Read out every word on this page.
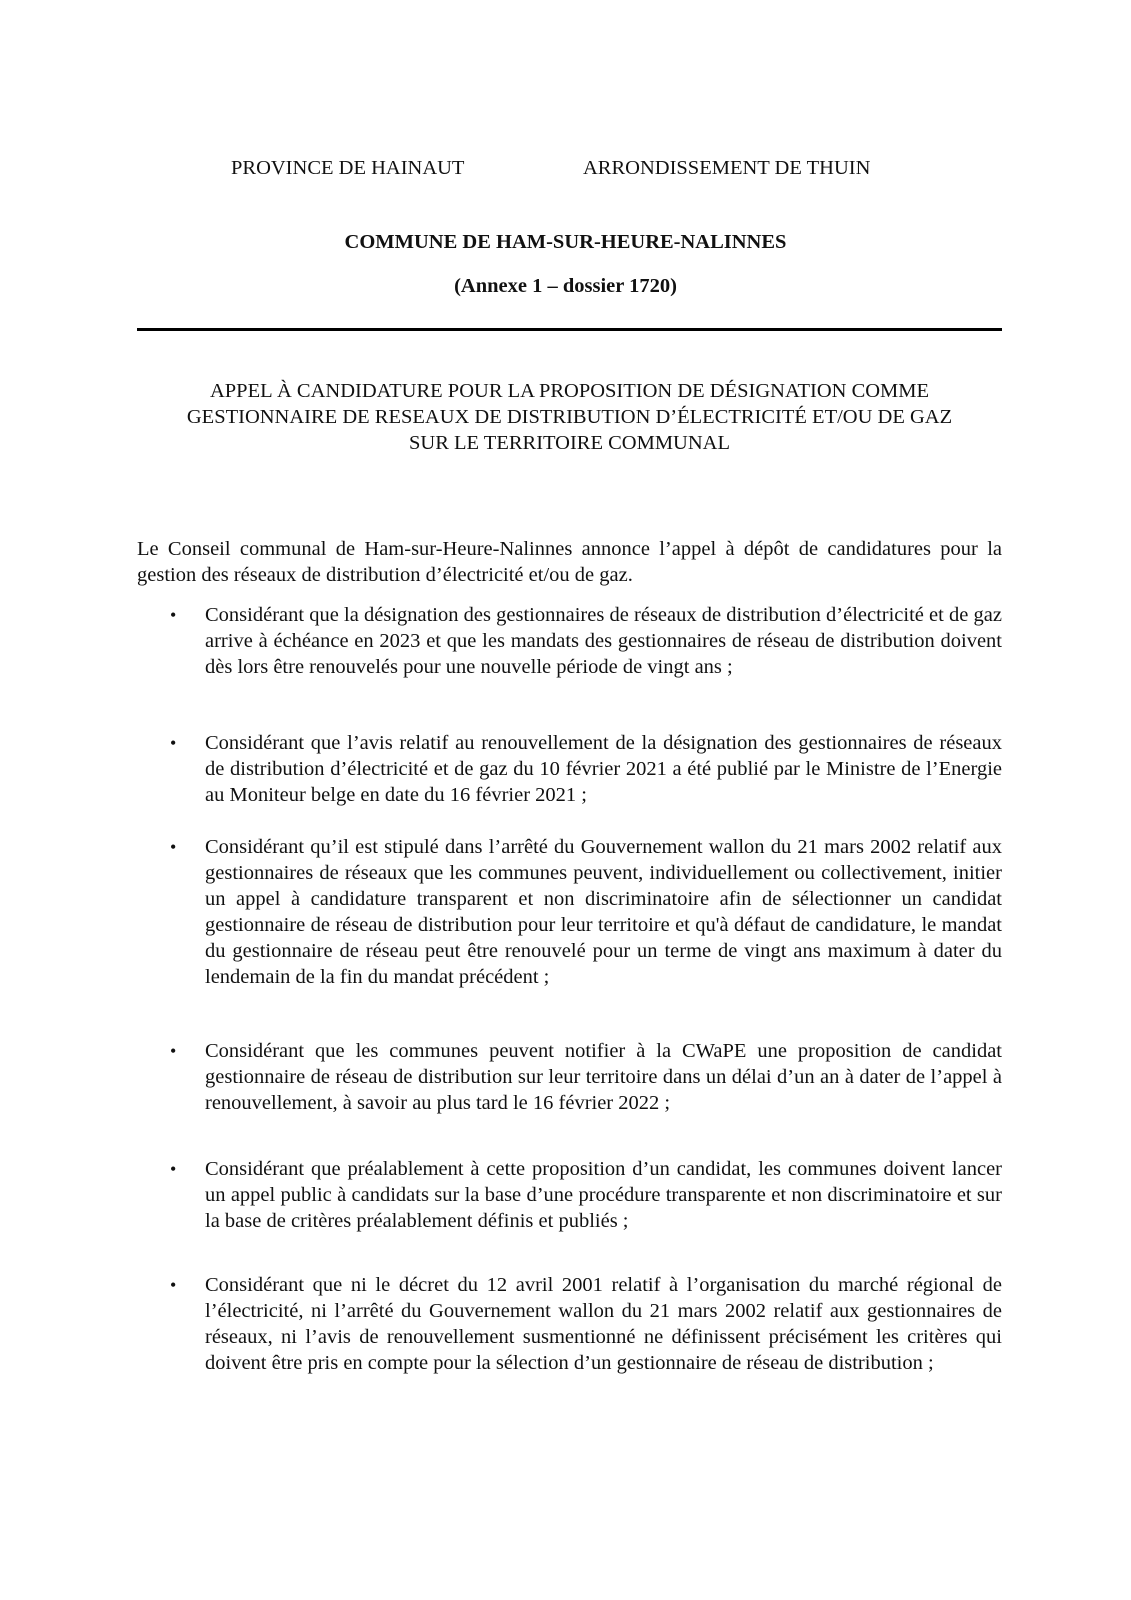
PROVINCE DE HAINAUT	ARRONDISSEMENT DE THUIN
COMMUNE DE HAM-SUR-HEURE-NALINNES
(Annexe 1 – dossier 1720)
APPEL À CANDIDATURE POUR LA PROPOSITION DE DÉSIGNATION COMME
GESTIONNAIRE DE RESEAUX DE DISTRIBUTION D’ÉLECTRICITÉ ET/OU DE GAZ
SUR LE TERRITOIRE COMMUNAL
Le Conseil communal de Ham-sur-Heure-Nalinnes annonce l’appel à dépôt de candidatures pour la gestion des réseaux de distribution d’électricité et/ou de gaz.
• Considérant que la désignation des gestionnaires de réseaux de distribution d’électricité et de gaz arrive à échéance en 2023 et que les mandats des gestionnaires de réseau de distribution doivent dès lors être renouvelés pour une nouvelle période de vingt ans ;
• Considérant que l’avis relatif au renouvellement de la désignation des gestionnaires de réseaux de distribution d’électricité et de gaz du 10 février 2021 a été publié par le Ministre de l’Energie au Moniteur belge en date du 16 février 2021 ;
• Considérant qu’il est stipulé dans l’arrêté du Gouvernement wallon du 21 mars 2002 relatif aux gestionnaires de réseaux que les communes peuvent, individuellement ou collectivement, initier un appel à candidature transparent et non discriminatoire afin de sélectionner un candidat gestionnaire de réseau de distribution pour leur territoire et qu'à défaut de candidature, le mandat du gestionnaire de réseau peut être renouvelé pour un terme de vingt ans maximum à dater du lendemain de la fin du mandat précédent ;
• Considérant que les communes peuvent notifier à la CWaPE une proposition de candidat gestionnaire de réseau de distribution sur leur territoire dans un délai d’un an à dater de l’appel à renouvellement, à savoir au plus tard le 16 février 2022 ;
• Considérant que préalablement à cette proposition d’un candidat, les communes doivent lancer un appel public à candidats sur la base d’une procédure transparente et non discriminatoire et sur la base de critères préalablement définis et publiés ;
• Considérant que ni le décret du 12 avril 2001 relatif à l’organisation du marché régional de l’électricité, ni l’arrêté du Gouvernement wallon du 21 mars 2002 relatif aux gestionnaires de réseaux, ni l’avis de renouvellement susmentionné ne définissent précisément les critères qui doivent être pris en compte pour la sélection d’un gestionnaire de réseau de distribution ;
